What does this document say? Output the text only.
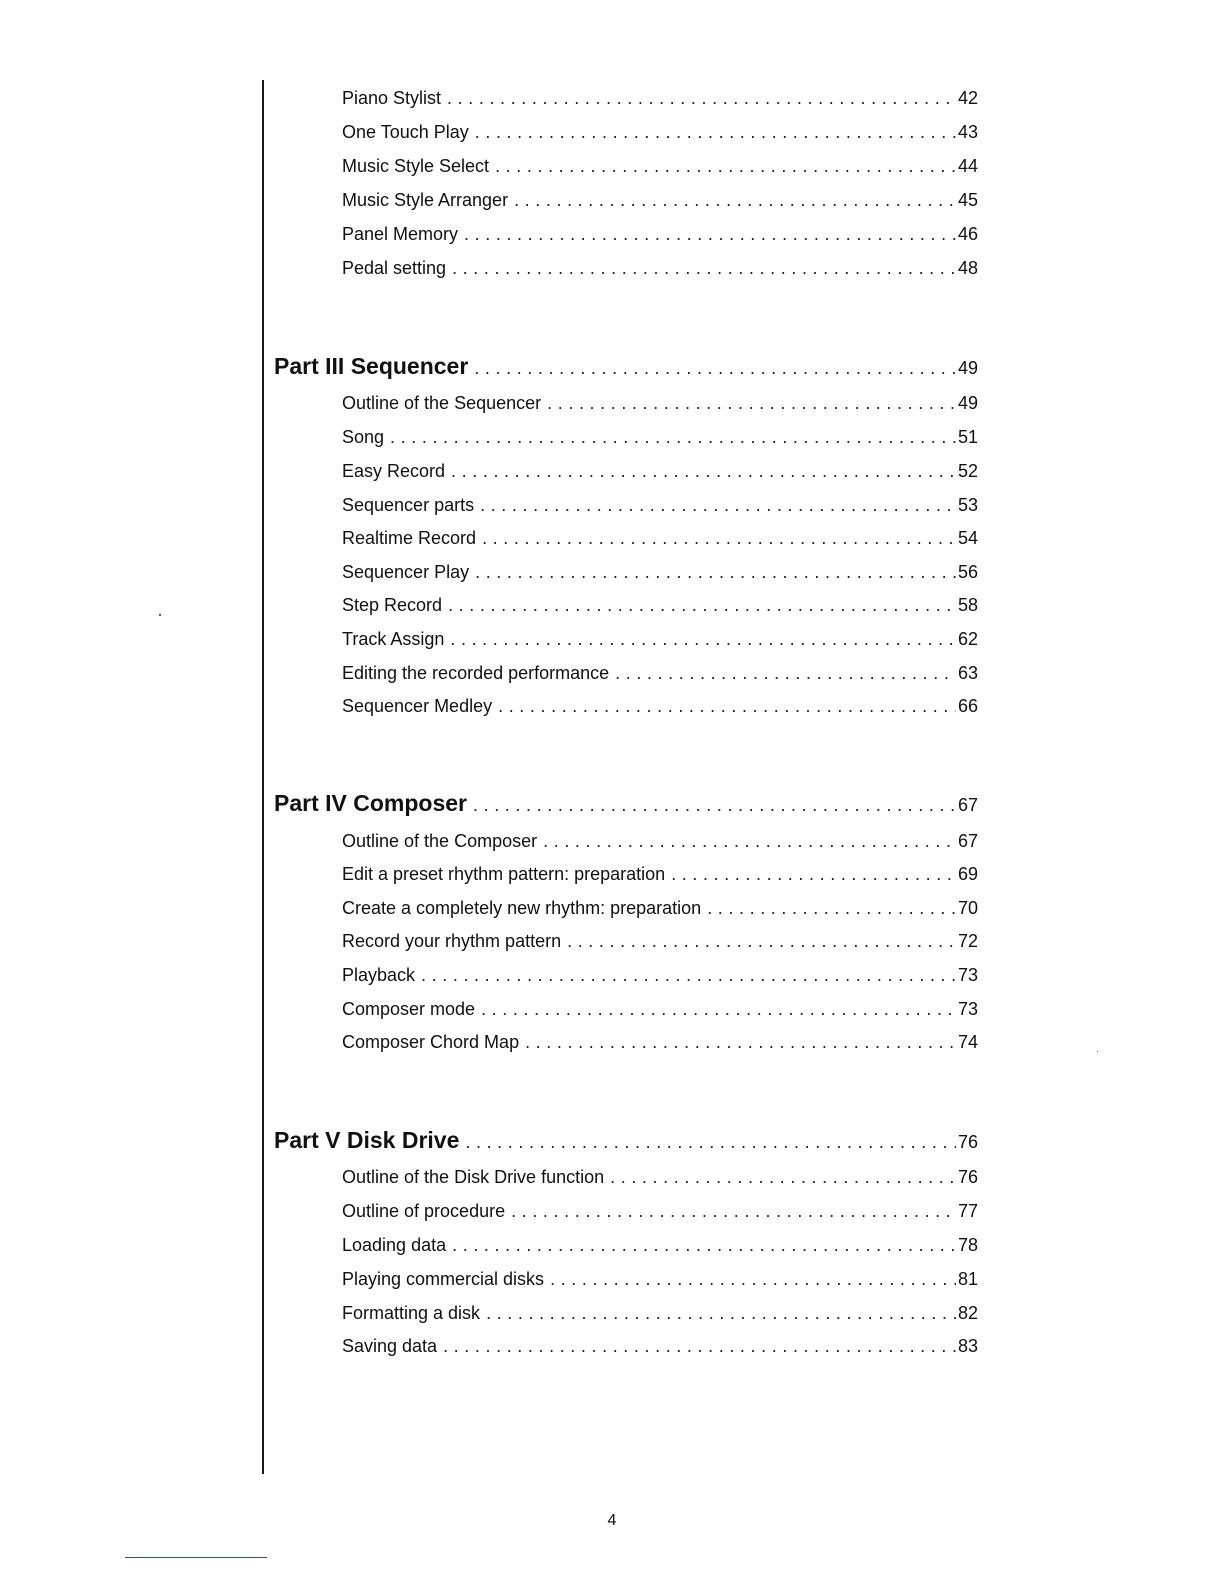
Piano Stylist . . .	42
One Touch Play . . .	43
Music Style Select . . .	44
Music Style Arranger . . .	45
Panel Memory . . .	46
Pedal setting . . .	48
Part III Sequencer . . .	49
Outline of the Sequencer . . .	49
Song . . .	51
Easy Record . . .	52
Sequencer parts . . .	53
Realtime Record . . .	54
Sequencer Play . . .	56
Step Record . . .	58
Track Assign . . .	62
Editing the recorded performance . . .	63
Sequencer Medley . . .	66
Part IV Composer . . .	67
Outline of the Composer . . .	67
Edit a preset rhythm pattern: preparation . . .	69
Create a completely new rhythm: preparation . . .	70
Record your rhythm pattern . . .	72
Playback . . .	73
Composer mode . . .	73
Composer Chord Map . . .	74
Part V Disk Drive . . .	76
Outline of the Disk Drive function . . .	76
Outline of procedure . . .	77
Loading data . . .	78
Playing commercial disks . . .	81
Formatting a disk . . .	82
Saving data . . .	83
4
